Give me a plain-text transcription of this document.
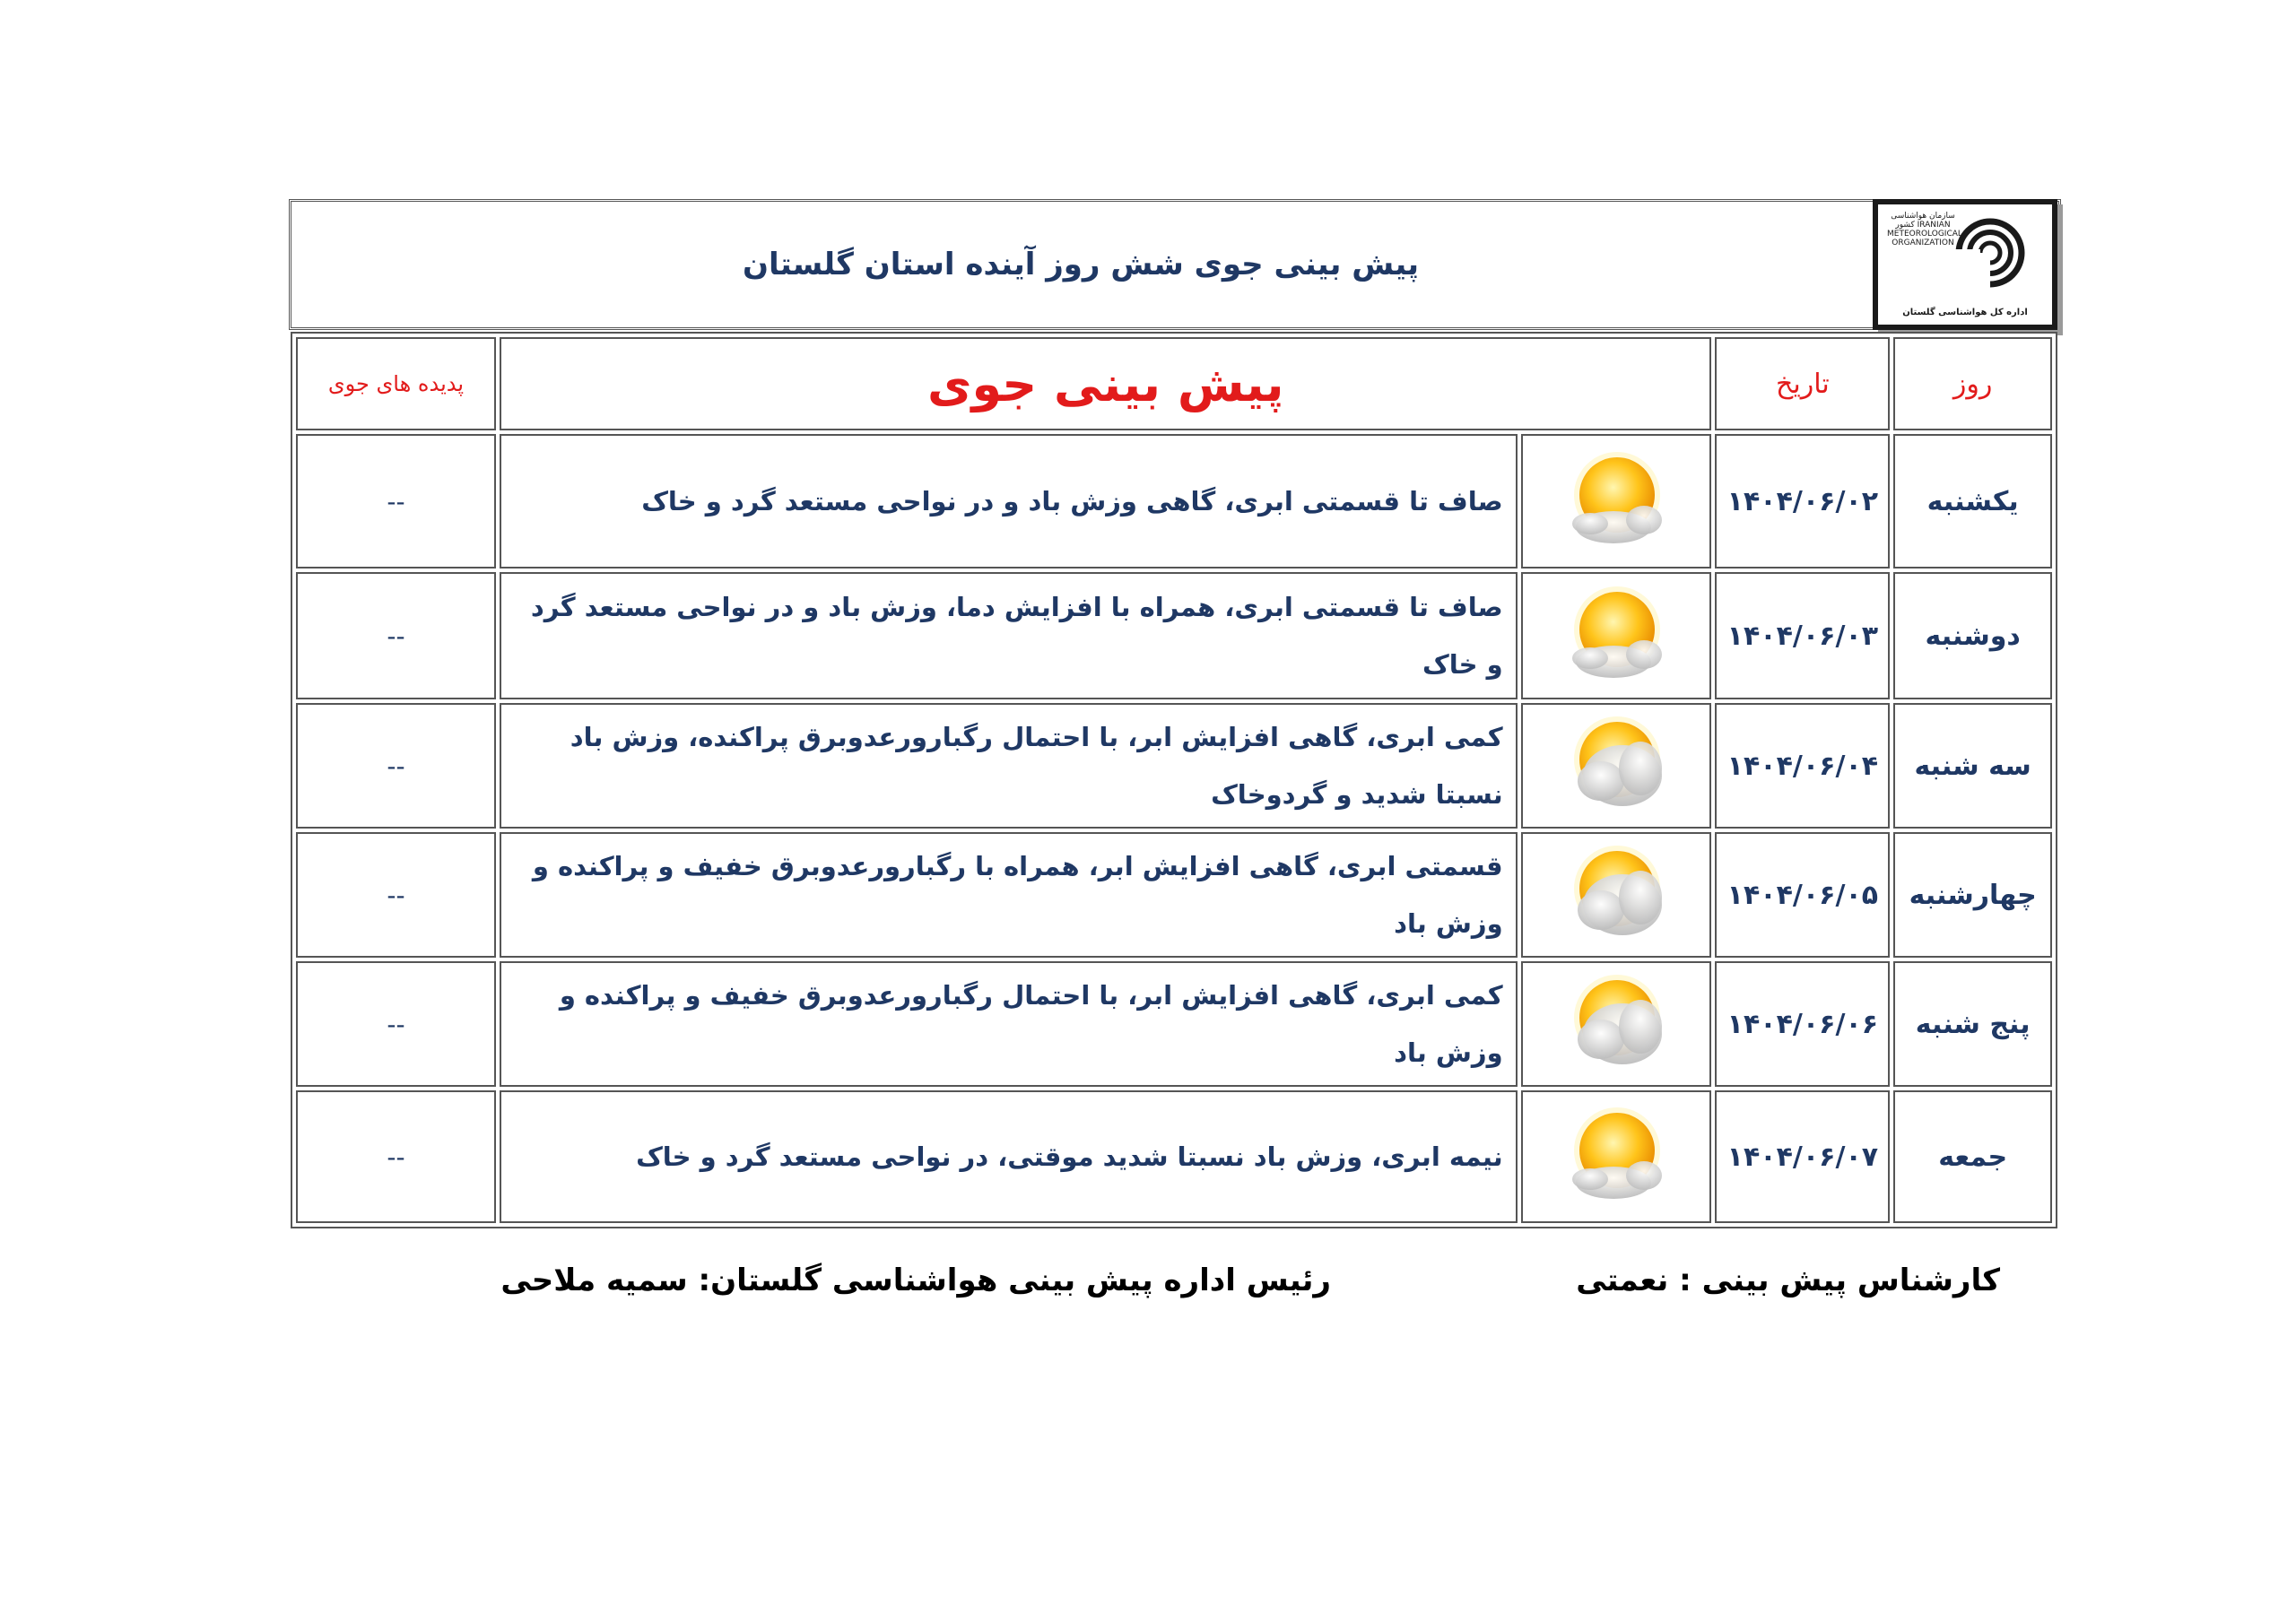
پیش بینی جوی شش روز آینده استان گلستان
سازمان هواشناسی کشور IRANIAN METEOROLOGICAL ORGANIZATION
اداره کل هواشناسی گلستان
روز	تاریخ	پیش بینی جوی		پدیده های جوی
یکشنبه	۱۴۰۴/۰۶/۰۲		صاف تا قسمتی ابری، گاهی وزش باد و در نواحی مستعد گرد و خاک	--
دوشنبه	۱۴۰۴/۰۶/۰۳		صاف تا قسمتی ابری، همراه با افزایش دما، وزش باد و در نواحی مستعد گرد و خاک	--
سه شنبه	۱۴۰۴/۰۶/۰۴		کمی ابری، گاهی افزایش ابر، با احتمال رگبارورعدوبرق پراکنده، وزش باد نسبتا شدید و گردوخاک	--
چهارشنبه	۱۴۰۴/۰۶/۰۵		قسمتی ابری، گاهی افزایش ابر، همراه با رگبارورعدوبرق خفیف و پراکنده و وزش باد	--
پنج شنبه	۱۴۰۴/۰۶/۰۶		کمی ابری، گاهی افزایش ابر، با احتمال رگبارورعدوبرق خفیف و پراکنده و وزش باد	--
جمعه	۱۴۰۴/۰۶/۰۷		نیمه ابری، وزش باد نسبتا شدید موقتی، در نواحی مستعد گرد و خاک	--
کارشناس پیش بینی : نعمتی
رئیس اداره پیش بینی هواشناسی گلستان: سمیه ملاحی
